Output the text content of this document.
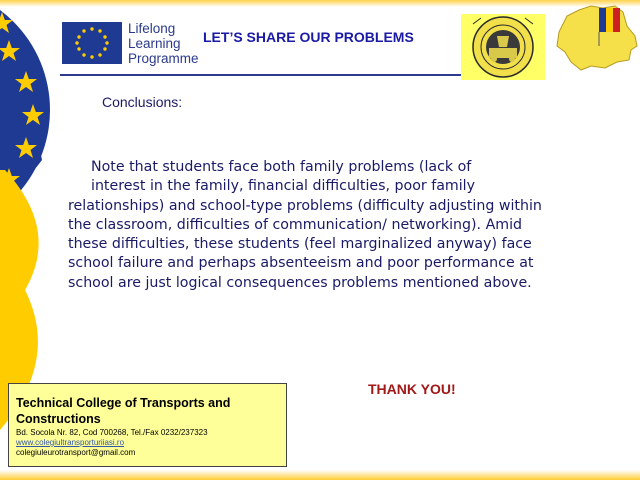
Lifelong
Learning
Programme
LET’S SHARE OUR PROBLEMS
Conclusions:
Note that students face both family problems (lack of
interest in the family, financial difficulties, poor family
relationships) and school-type problems (difficulty adjusting within
the classroom, difficulties of communication/ networking). Amid
these difficulties, these students (feel marginalized anyway) face
school failure and perhaps absenteeism and poor performance at
school are just logical consequences problems mentioned above.
THANK YOU!
Technical College of Transports and Constructions
Bd. Socola Nr. 82, Cod 700268, Tel./Fax 0232/237323
www.colegiultransporturiiasi.ro
colegiuleurotransport@gmail.com
